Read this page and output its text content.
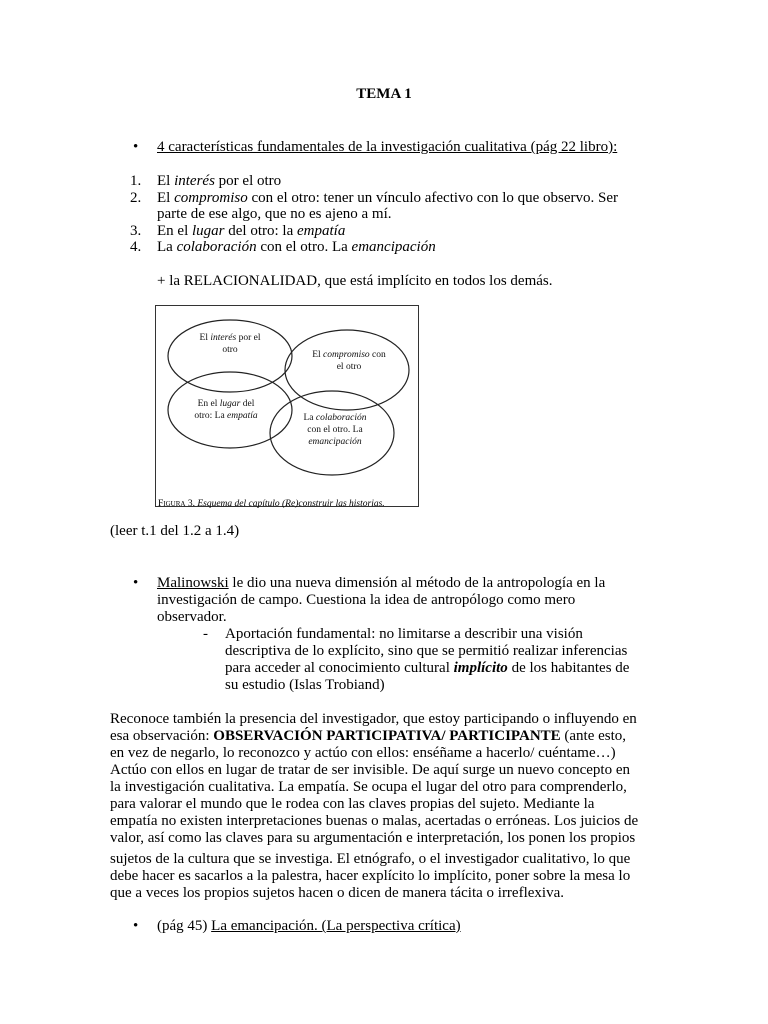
TEMA 1
• 4 características fundamentales de la investigación cualitativa (pág 22 libro):
1. El interés por el otro
2. El compromiso con el otro: tener un vínculo afectivo con lo que observo. Ser
parte de ese algo, que no es ajeno a mí.
3. En el lugar del otro: la empatía
4. La colaboración con el otro. La emancipación
+ la RELACIONALIDAD, que está implícito en todos los demás.
El interés por el
otro	El compromiso con
el otro
En el lugar del
otro: La empatía	La colaboración
con el otro. La
emancipación
Figura 3. Esquema del capítulo (Re)construir las historias.
(leer t.1 del 1.2 a 1.4)
• Malinowski le dio una nueva dimensión al método de la antropología en la
investigación de campo. Cuestiona la idea de antropólogo como mero
observador.
- Aportación fundamental: no limitarse a describir una visión
descriptiva de lo explícito, sino que se permitió realizar inferencias
para acceder al conocimiento cultural implícito de los habitantes de
su estudio (Islas Trobiand)
Reconoce también la presencia del investigador, que estoy participando o influyendo en
esa observación: OBSERVACIÓN PARTICIPATIVA/ PARTICIPANTE (ante esto,
en vez de negarlo, lo reconozco y actúo con ellos: enséñame a hacerlo/ cuéntame…)
Actúo con ellos en lugar de tratar de ser invisible. De aquí surge un nuevo concepto en
la investigación cualitativa. La empatía. Se ocupa el lugar del otro para comprenderlo,
para valorar el mundo que le rodea con las claves propias del sujeto. Mediante la
empatía no existen interpretaciones buenas o malas, acertadas o erróneas. Los juicios de
valor, así como las claves para su argumentación e interpretación, los ponen los propios
sujetos de la cultura que se investiga. El etnógrafo, o el investigador cualitativo, lo que
debe hacer es sacarlos a la palestra, hacer explícito lo implícito, poner sobre la mesa lo
que a veces los propios sujetos hacen o dicen de manera tácita o irreflexiva.
• (pág 45) La emancipación. (La perspectiva crítica)
